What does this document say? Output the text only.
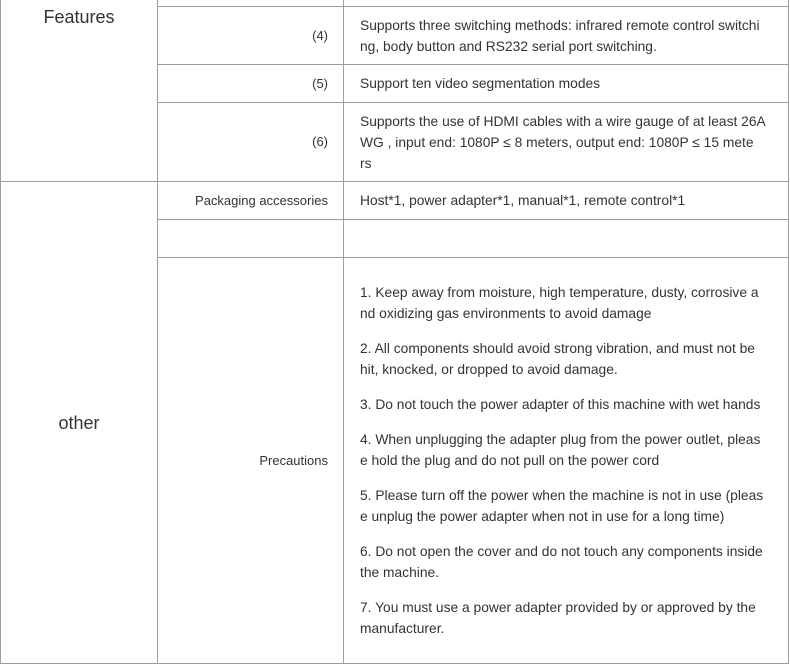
Features
(4)
Supports three switching methods: infrared remote control switchi
ng, body button and RS232 serial port switching.
(5) Support ten video segmentation modes
(6)
Supports the use of HDMI cables with a wire gauge of at least 26A
WG , input end: 1080P ≤ 8 meters, output end: 1080P ≤ 15 mete
rs
other
Packaging accessories Host*1, power adapter*1, manual*1, remote control*1
Precautions
1. Keep away from moisture, high temperature, dusty, corrosive a
nd oxidizing gas environments to avoid damage
2. All components should avoid strong vibration, and must not be
hit, knocked, or dropped to avoid damage.
3. Do not touch the power adapter of this machine with wet hands
4. When unplugging the adapter plug from the power outlet, pleas
e hold the plug and do not pull on the power cord
5. Please turn off the power when the machine is not in use (pleas
e unplug the power adapter when not in use for a long time)
6. Do not open the cover and do not touch any components inside
the machine.
7. You must use a power adapter provided by or approved by the
manufacturer.
